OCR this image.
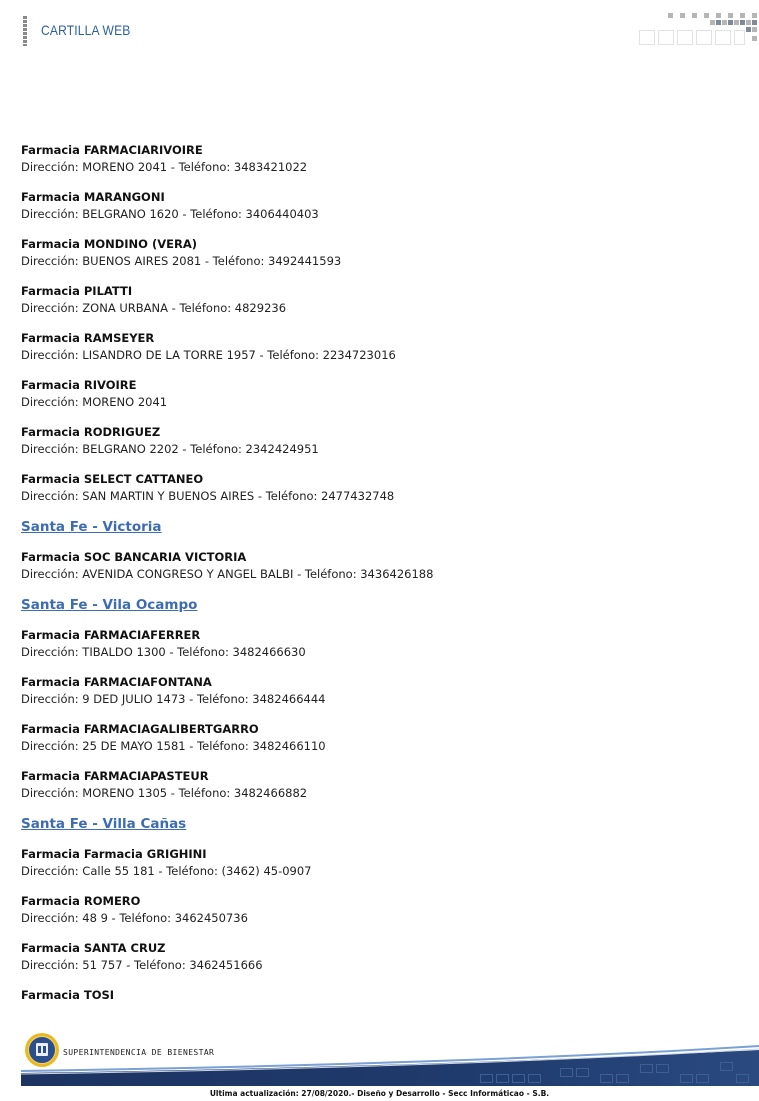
CARTILLA WEB
Farmacia FARMACIARIVOIRE
Dirección: MORENO 2041 - Teléfono: 3483421022
Farmacia MARANGONI
Dirección: BELGRANO 1620 - Teléfono: 3406440403
Farmacia MONDINO (VERA)
Dirección: BUENOS AIRES 2081 - Teléfono: 3492441593
Farmacia PILATTI
Dirección: ZONA URBANA - Teléfono: 4829236
Farmacia RAMSEYER
Dirección: LISANDRO DE LA TORRE 1957 - Teléfono: 2234723016
Farmacia RIVOIRE
Dirección: MORENO 2041
Farmacia RODRIGUEZ
Dirección: BELGRANO 2202 - Teléfono: 2342424951
Farmacia SELECT CATTANEO
Dirección: SAN MARTIN Y BUENOS AIRES - Teléfono: 2477432748
Santa Fe - Victoria
Farmacia SOC BANCARIA VICTORIA
Dirección: AVENIDA CONGRESO Y ANGEL BALBI - Teléfono: 3436426188
Santa Fe - Vila Ocampo
Farmacia FARMACIAFERRER
Dirección: TIBALDO 1300 - Teléfono: 3482466630
Farmacia FARMACIAFONTANA
Dirección: 9 DED JULIO 1473 - Teléfono: 3482466444
Farmacia FARMACIAGALIBERTGARRO
Dirección: 25 DE MAYO 1581 - Teléfono: 3482466110
Farmacia FARMACIAPASTEUR
Dirección: MORENO 1305 - Teléfono: 3482466882
Santa Fe - Villa Cañas
Farmacia Farmacia GRIGHINI
Dirección: Calle 55 181 - Teléfono: (3462) 45-0907
Farmacia ROMERO
Dirección: 48 9 - Teléfono: 3462450736
Farmacia SANTA CRUZ
Dirección: 51 757 - Teléfono: 3462451666
Farmacia TOSI
SUPERINTENDENCIA DE BIENESTAR
Ultima actualización: 27/08/2020.- Diseño y Desarrollo - Secc Informáticao - S.B.
